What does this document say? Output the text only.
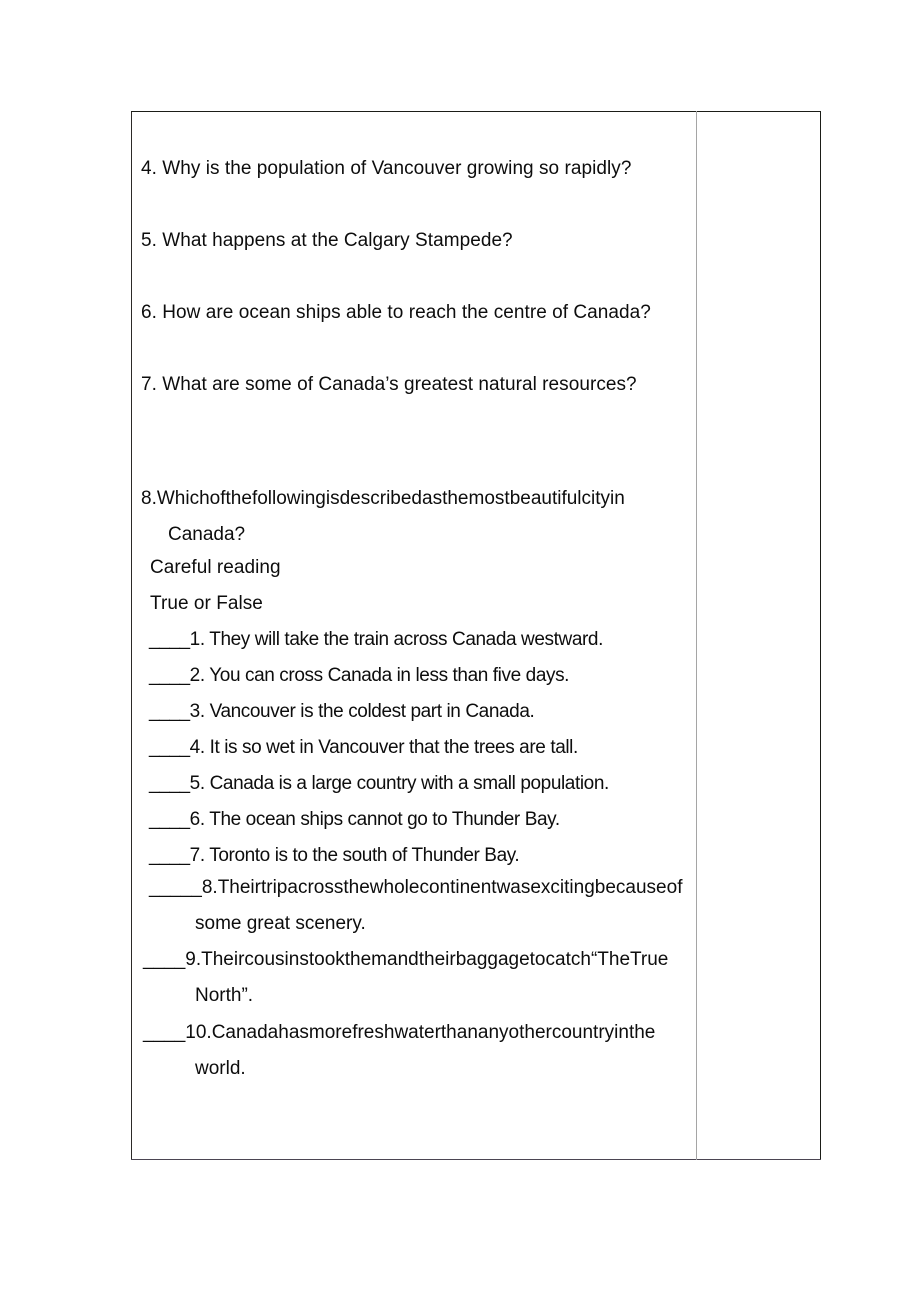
4. Why is the population of Vancouver growing so rapidly?
5. What happens at the Calgary Stampede?
6. How are ocean ships able to reach the centre of Canada?
7. What are some of Canada’s greatest natural resources?
8.Whichofthefollowingisdescribedasthemostbeautifulcityin
Canada?
Careful reading
True or False
____1. They will take the train across Canada westward.
____2. You can cross Canada in less than five days.
____3. Vancouver is the coldest part in Canada.
____4. It is so wet in Vancouver that the trees are tall.
____5. Canada is a large country with a small population.
____6. The ocean ships cannot go to Thunder Bay.
____7. Toronto is to the south of Thunder Bay.
_____8.Theirtripacrossthewholecontinentwasexcitingbecauseof
some great scenery.
____9.Theircousinstookthemandtheirbaggagetocatch“TheTrue
North”.
____10.Canadahasmorefreshwaterthananyothercountryinthe
world.
